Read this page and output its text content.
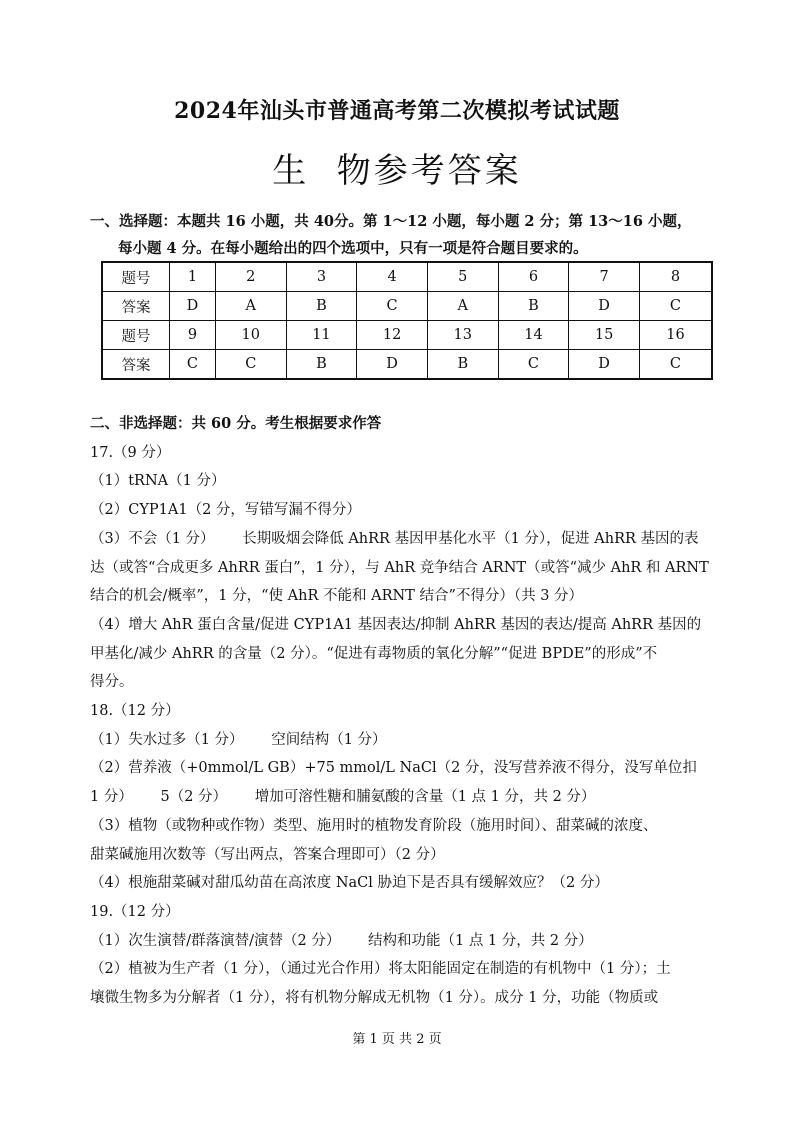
2024年汕头市普通高考第二次模拟考试试题
生  物参考答案
一、选择题：本题共 16 小题，共 40分。第 1～12 小题，每小题 2 分；第 13～16 小题，
每小题 4 分。在每小题给出的四个选项中，只有一项是符合题目要求的。
题号	1	2	3	4	5	6	7	8
答案	D	A	B	C	A	B	D	C
题号	9	10	11	12	13	14	15	16
答案	C	C	B	D	B	C	D	C

二、非选择题：共 60 分。考生根据要求作答

17.（9 分）

（1）tRNA（1 分）

（2）CYP1A1（2 分，写错写漏不得分）

（3）不会（1 分）      长期吸烟会降低 AhRR 基因甲基化水平（1 分），促进 AhRR 基因的表

达（或答“合成更多 AhRR 蛋白”，1 分），与 AhR 竞争结合 ARNT（或答“减少 AhR 和 ARNT

结合的机会/概率”，1 分，“使 AhR 不能和 ARNT 结合”不得分）（共 3 分）

（4）增大 AhR 蛋白含量/促进 CYP1A1 基因表达/抑制 AhRR 基因的表达/提高 AhRR 基因的

甲基化/减少 AhRR 的含量（2 分）。“促进有毒物质的氧化分解”“促进 BPDE”的形成”不

得分。

18.（12 分）

（1）失水过多（1 分）      空间结构（1 分）

（2）营养液（+0mmol/L GB）+75 mmol/L NaCl（2 分，没写营养液不得分，没写单位扣

1 分）      5（2 分）      增加可溶性糖和脯氨酸的含量（1 点 1 分，共 2 分）

（3）植物（或物种或作物）类型、施用时的植物发育阶段（施用时间）、甜菜碱的浓度、

甜菜碱施用次数等（写出两点，答案合理即可）（2 分）

（4）根施甜菜碱对甜瓜幼苗在高浓度 NaCl 胁迫下是否具有缓解效应？（2 分）

19.（12 分）

（1）次生演替/群落演替/演替（2 分）      结构和功能（1 点 1 分，共 2 分）

（2）植被为生产者（1 分），（通过光合作用）将太阳能固定在制造的有机物中（1 分）；土

壤微生物多为分解者（1 分），将有机物分解成无机物（1 分）。成分 1 分，功能（物质或

第 1 页 共 2 页
